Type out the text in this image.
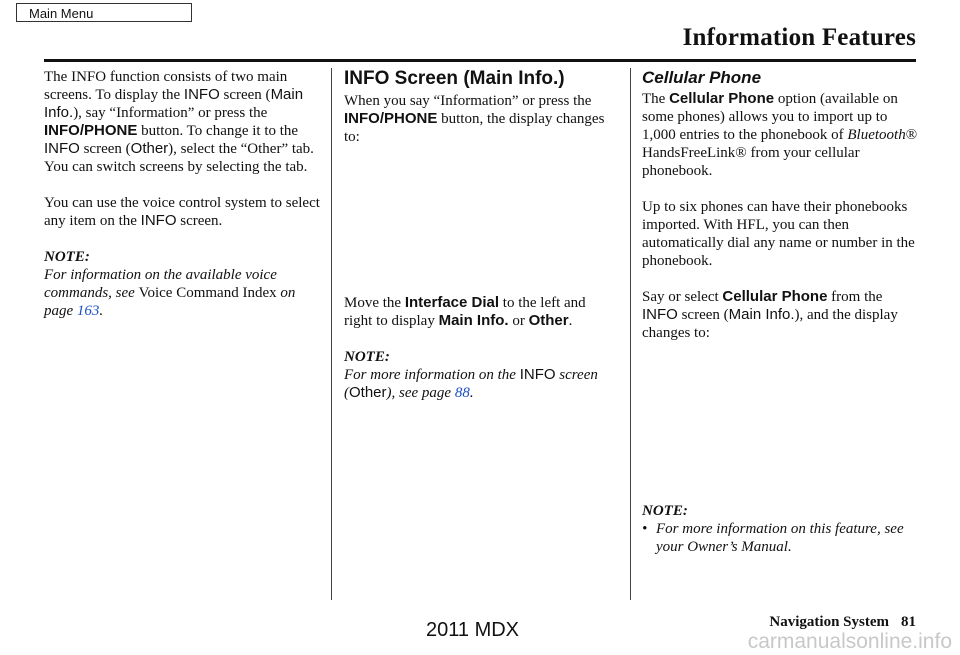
Main Menu
Information Features

The INFO function consists of two main screens. To display the INFO screen (Main Info.), say “Information” or press the INFO/PHONE button. To change it to the INFO screen (Other), select the “Other” tab. You can switch screens by selecting the tab.

You can use the voice control system to select any item on the INFO screen.

NOTE:

For information on the available voice commands, see Voice Command Index on page 163.

INFO Screen (Main Info.)

When you say “Information” or press the INFO/PHONE button, the display changes to:

Move the Interface Dial to the left and right to display Main Info. or Other.

NOTE:

For more information on the INFO screen (Other), see page 88.

Cellular Phone

The Cellular Phone option (available on some phones) allows you to import up to 1,000 entries to the phonebook of Bluetooth® HandsFreeLink® from your cellular phonebook.

Up to six phones can have their phonebooks imported. With HFL, you can then automatically dial any name or number in the phonebook.

Say or select Cellular Phone from the INFO screen (Main Info.), and the display changes to:

NOTE:

• For more information on this feature, see your Owner’s Manual.
Navigation System 81
2011 MDX	carmanualsonline.info
